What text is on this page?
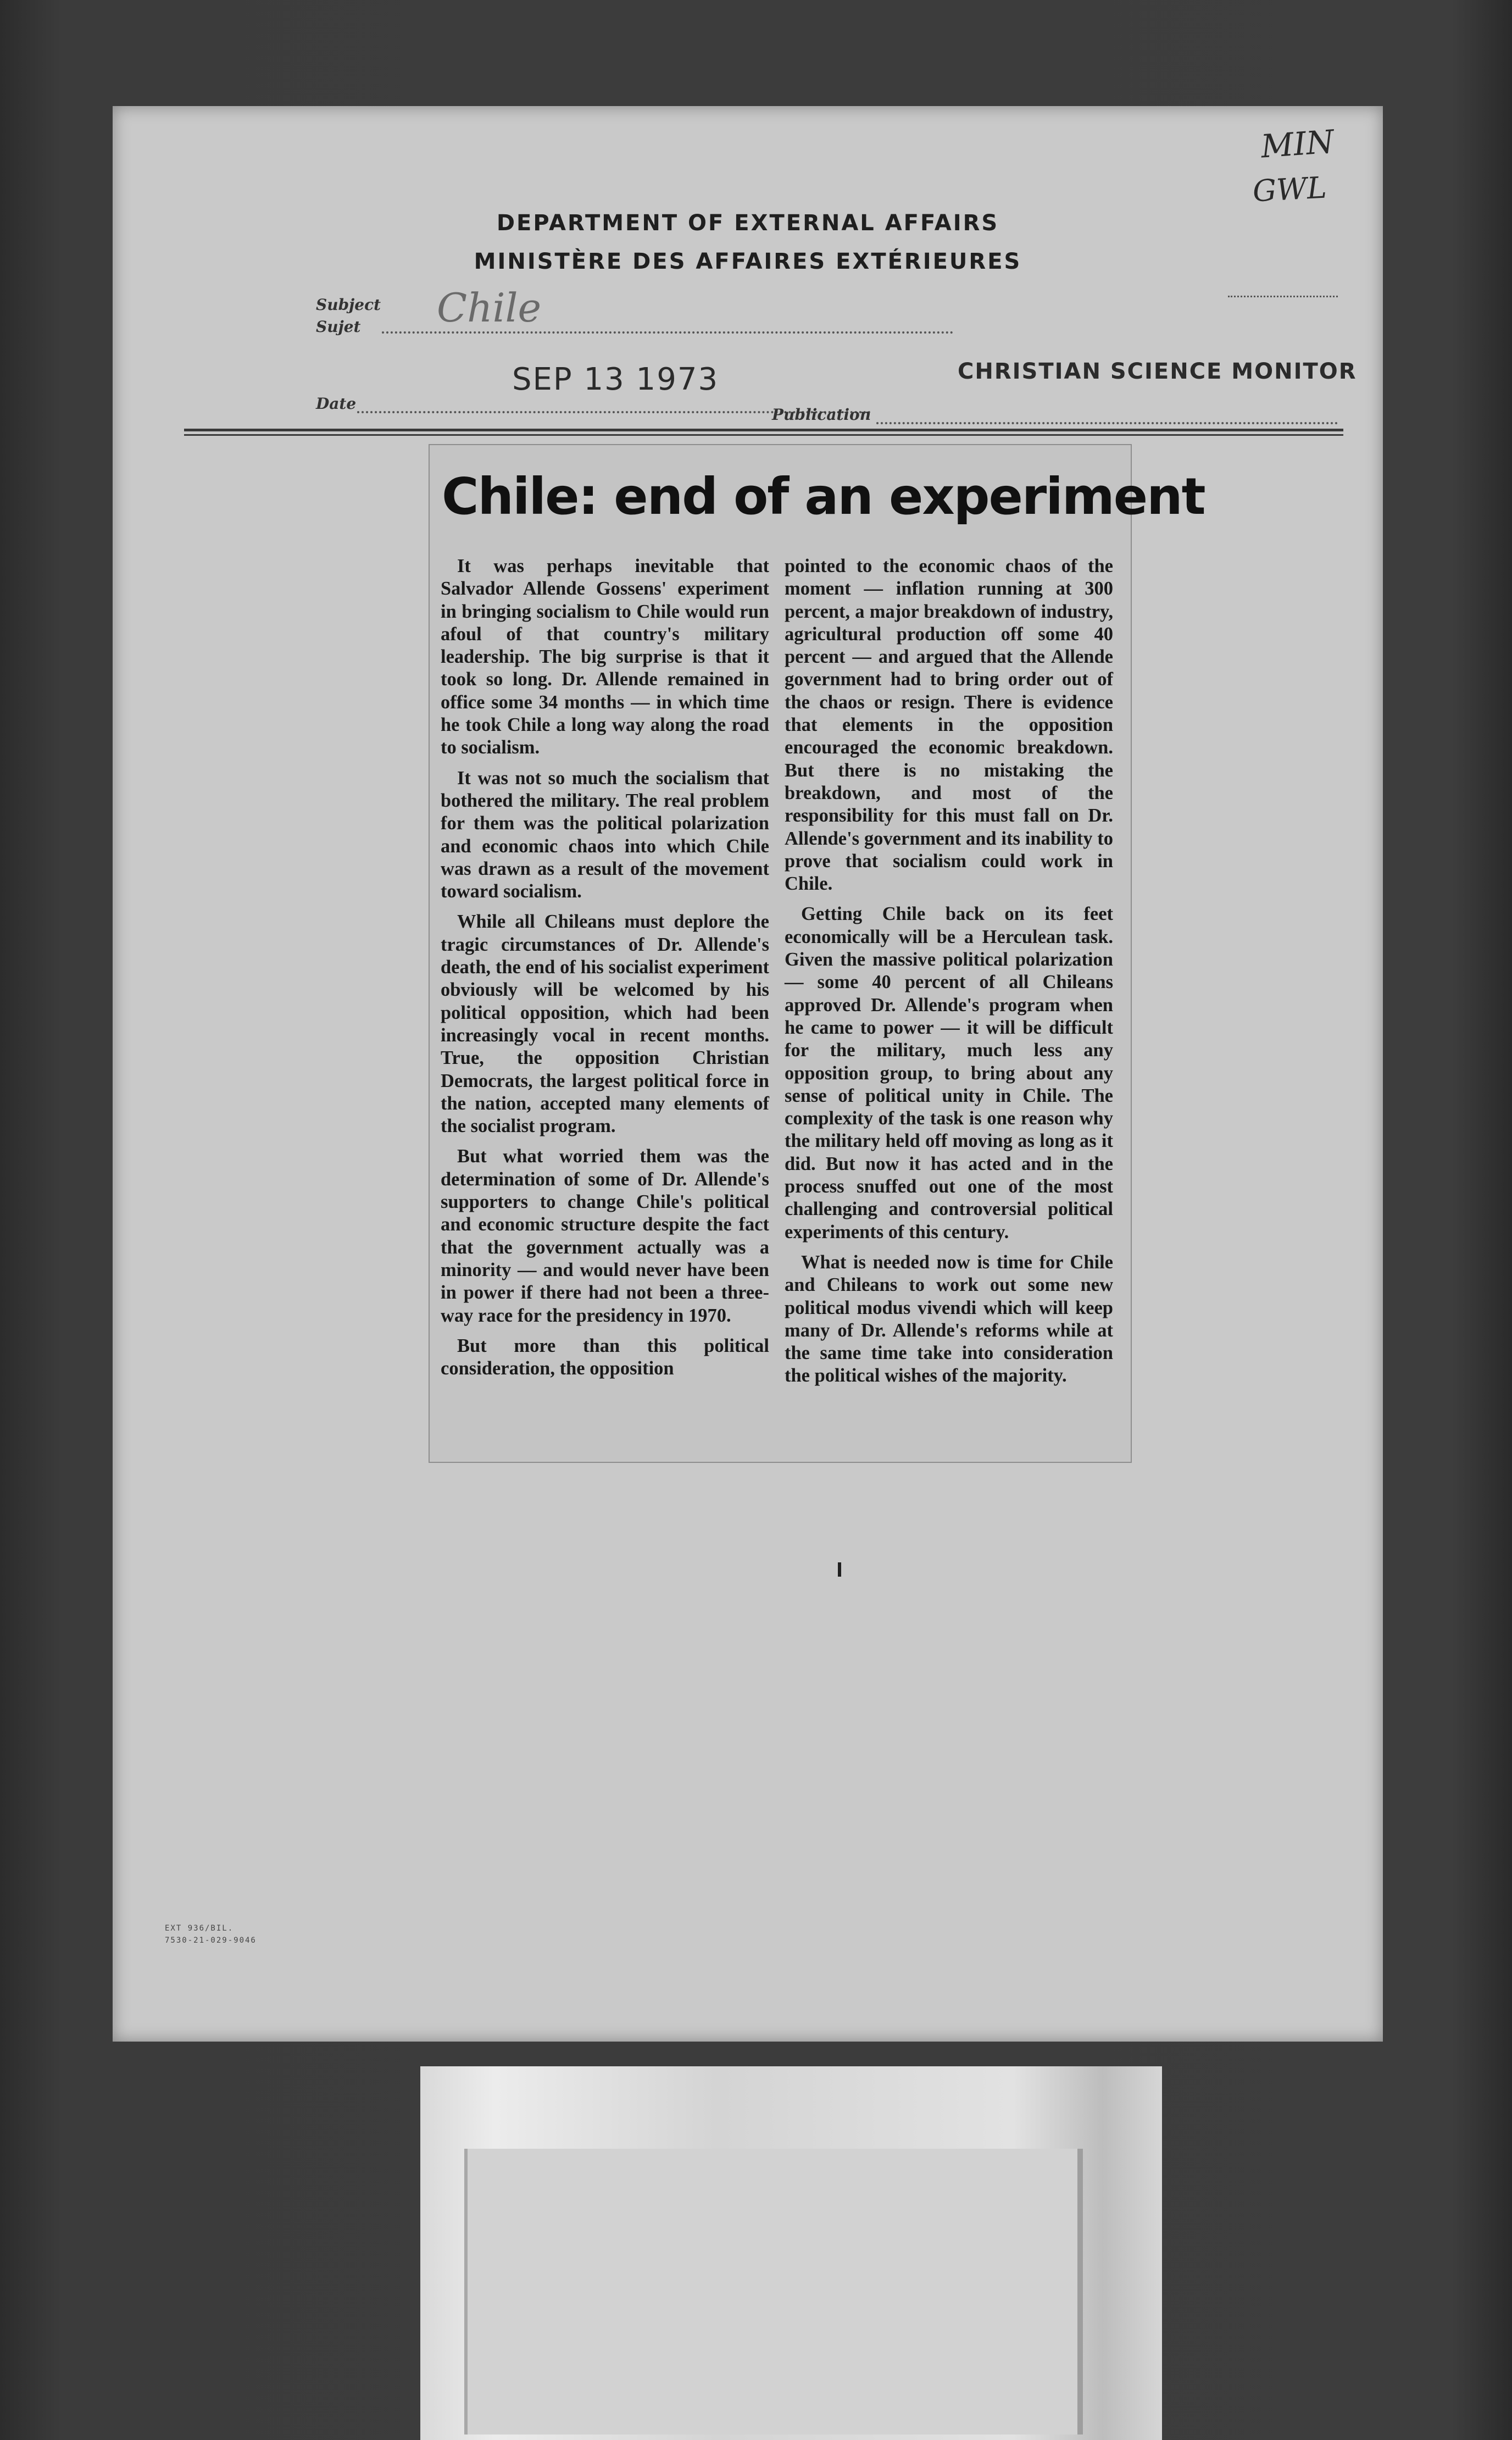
MIN
GWL
DEPARTMENT OF EXTERNAL AFFAIRS
MINISTÈRE DES AFFAIRES EXTÉRIEURES
Subject
Sujet Chile
Date
SEP 13 1973
Publication
CHRISTIAN SCIENCE MONITOR
Chile: end of an experiment

It was perhaps inevitable that Salvador Allende Gossens' experiment in bringing socialism to Chile would run afoul of that country's military leadership. The big surprise is that it took so long. Dr. Allende remained in office some 34 months — in which time he took Chile a long way along the road to socialism.

It was not so much the socialism that bothered the military. The real problem for them was the political polarization and economic chaos into which Chile was drawn as a result of the movement toward socialism.

While all Chileans must deplore the tragic circumstances of Dr. Allende's death, the end of his socialist experiment obviously will be welcomed by his political opposition, which had been increasingly vocal in recent months. True, the opposition Christian Democrats, the largest political force in the nation, accepted many elements of the socialist program.

But what worried them was the determination of some of Dr. Allende's supporters to change Chile's political and economic structure despite the fact that the government actually was a minority — and would never have been in power if there had not been a three-way race for the presidency in 1970.

But more than this political consideration, the opposition

pointed to the economic chaos of the moment — inflation running at 300 percent, a major breakdown of industry, agricultural production off some 40 percent — and argued that the Allende government had to bring order out of the chaos or resign. There is evidence that elements in the opposition encouraged the economic breakdown. But there is no mistaking the breakdown, and most of the responsibility for this must fall on Dr. Allende's government and its inability to prove that socialism could work in Chile.

Getting Chile back on its feet economically will be a Herculean task. Given the massive political polarization — some 40 percent of all Chileans approved Dr. Allende's program when he came to power — it will be difficult for the military, much less any opposition group, to bring about any sense of political unity in Chile. The complexity of the task is one reason why the military held off moving as long as it did. But now it has acted and in the process snuffed out one of the most challenging and controversial political experiments of this century.

What is needed now is time for Chile and Chileans to work out some new political modus vivendi which will keep many of Dr. Allende's reforms while at the same time take into consideration the political wishes of the majority.

EXT 936/BIL.
7530-21-029-9046
